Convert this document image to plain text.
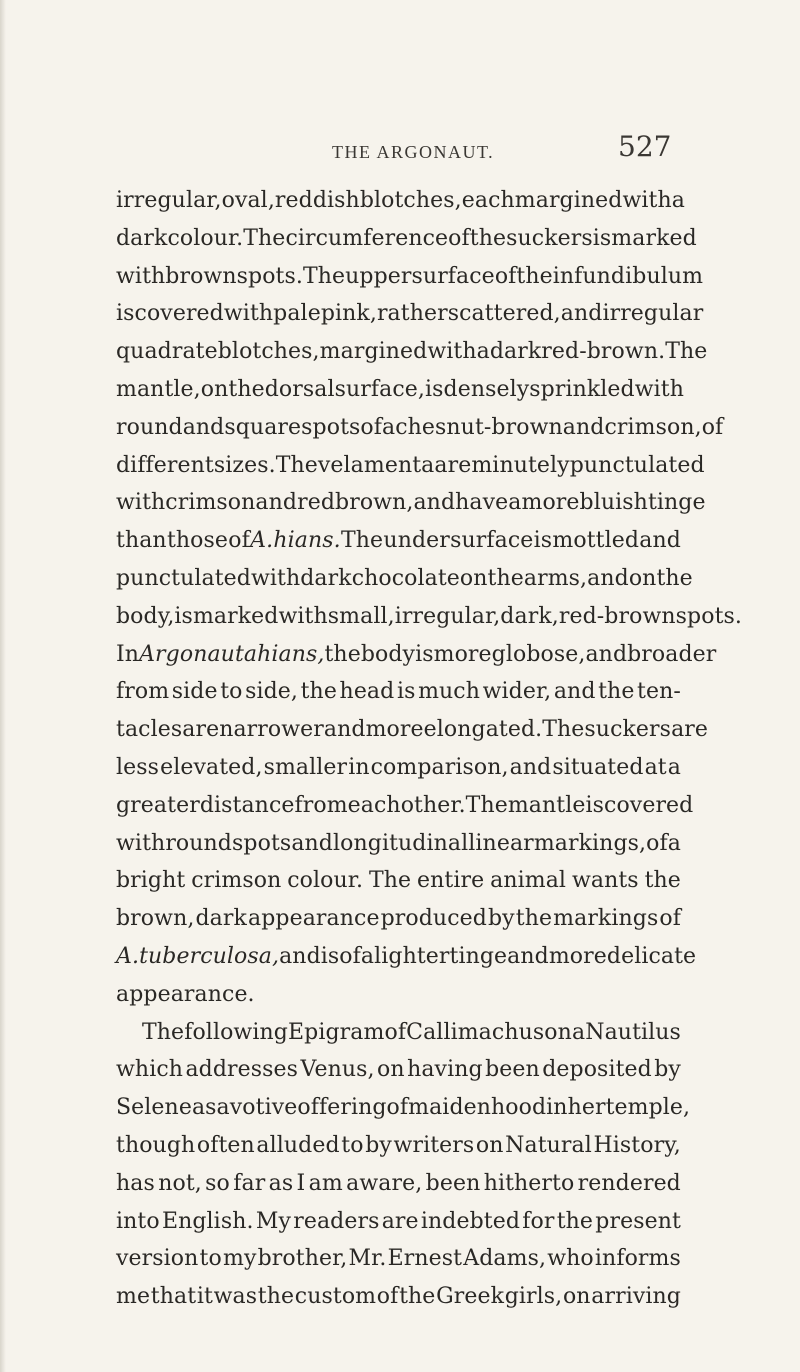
THE ARGONAUT.	527
irregular, oval, reddish blotches, each margined with a
dark colour. The circumference of the suckers is marked
with brown spots. The upper surface of the infundibulum
is covered with pale pink, rather scattered, and irregular
quadrate blotches, margined with a dark red-brown. The
mantle, on the dorsal surface, is densely sprinkled with
round and square spots of a chesnut-brown and crimson, of
different sizes. The velamenta are minutely punctulated
with crimson and red brown, and have a more bluish tinge
than those of A. hians. The under surface is mottled and
punctulated with dark chocolate on the arms, and on the
body, is marked with small, irregular, dark, red-brown spots.
In Argonauta hians, the body is more globose, and broader
from side to side, the head is much wider, and the ten-
tacles are narrower and more elongated. The suckers are
less elevated, smaller in comparison, and situated at a
greater distance from each other. The mantle is covered
with round spots and longitudinal linear markings, of a
bright crimson colour. The entire animal wants the
brown, dark appearance produced by the markings of
A. tuberculosa, and is of a lighter tinge and more delicate
appearance.
The following Epigram of Callimachus on a Nautilus
which addresses Venus, on having been deposited by
Selene as a votive offering of maidenhood in her temple,
though often alluded to by writers on Natural History,
has not, so far as I am aware, been hitherto rendered
into English. My readers are indebted for the present
version to my brother, Mr. Ernest Adams, who informs
me that it was the custom of the Greek girls, on arriving
